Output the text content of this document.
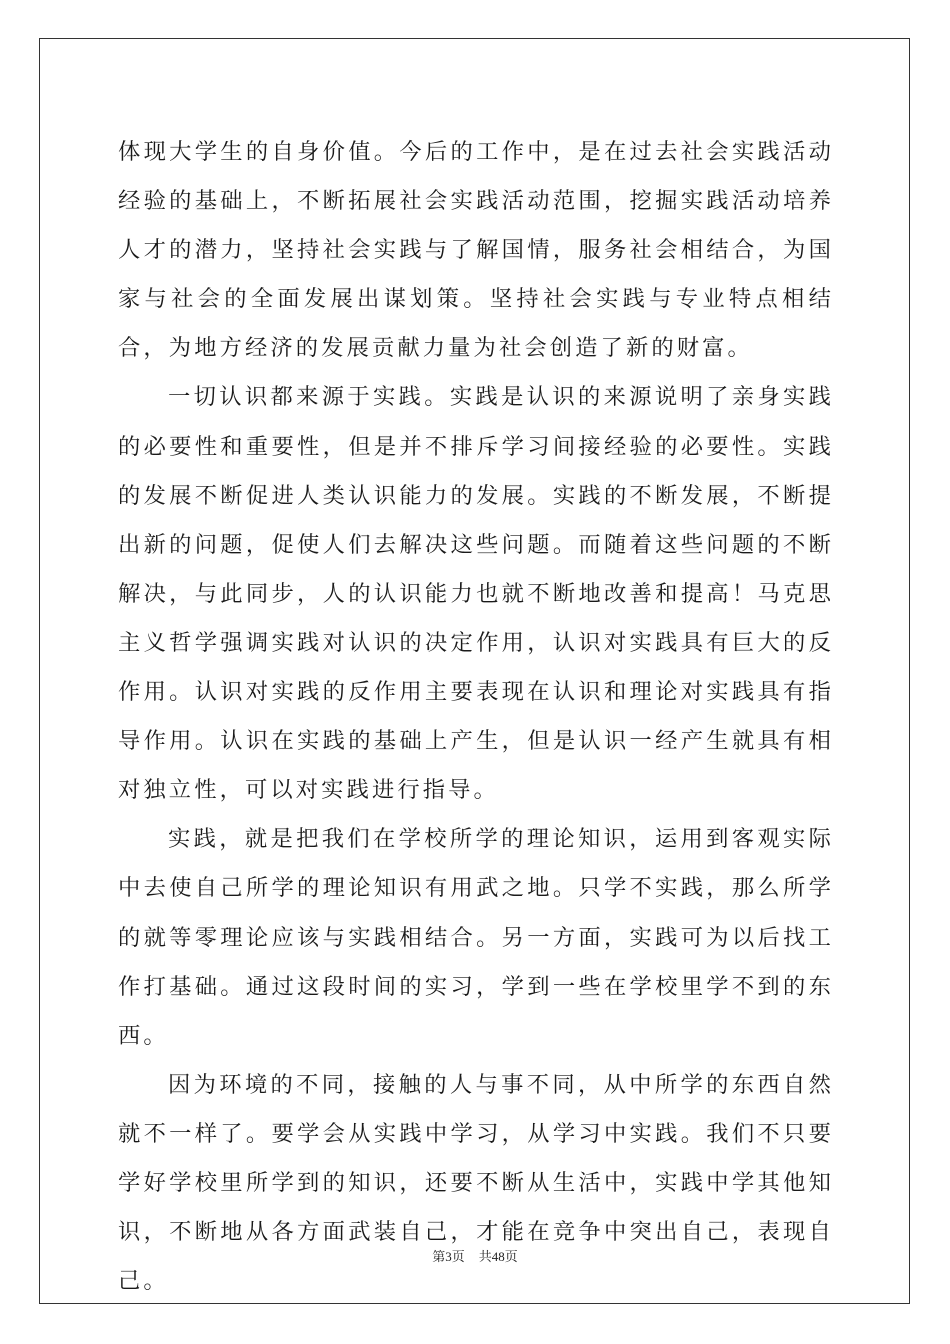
体现大学生的自身价值。今后的工作中，是在过去社会实践活动经验的基础上，不断拓展社会实践活动范围，挖掘实践活动培养人才的潜力，坚持社会实践与了解国情，服务社会相结合，为国家与社会的全面发展出谋划策。坚持社会实践与专业特点相结合，为地方经济的发展贡献力量为社会创造了新的财富。

一切认识都来源于实践。实践是认识的来源说明了亲身实践的必要性和重要性，但是并不排斥学习间接经验的必要性。实践的发展不断促进人类认识能力的发展。实践的不断发展，不断提出新的问题，促使人们去解决这些问题。而随着这些问题的不断解决，与此同步，人的认识能力也就不断地改善和提高！马克思主义哲学强调实践对认识的决定作用，认识对实践具有巨大的反作用。认识对实践的反作用主要表现在认识和理论对实践具有指导作用。认识在实践的基础上产生，但是认识一经产生就具有相对独立性，可以对实践进行指导。

实践，就是把我们在学校所学的理论知识，运用到客观实际中去使自己所学的理论知识有用武之地。只学不实践，那么所学的就等零理论应该与实践相结合。另一方面，实践可为以后找工作打基础。通过这段时间的实习，学到一些在学校里学不到的东西。

因为环境的不同，接触的人与事不同，从中所学的东西自然就不一样了。要学会从实践中学习，从学习中实践。我们不只要学好学校里所学到的知识，还要不断从生活中，实践中学其他知识，不断地从各方面武装自己，才能在竞争中突出自己，表现自己。

第3页 共48页
